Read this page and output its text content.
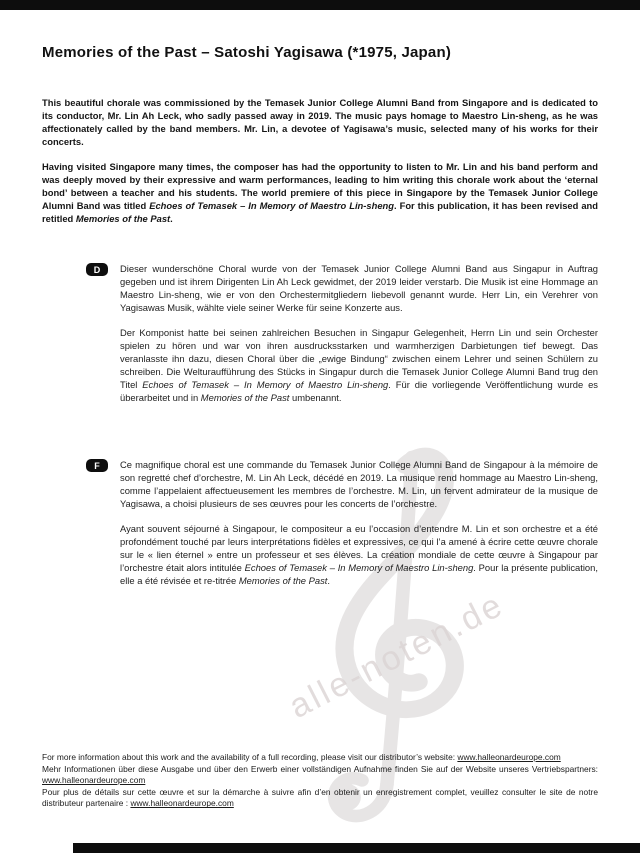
alle-noten.de
Memories of the Past – Satoshi Yagisawa (*1975, Japan)

This beautiful chorale was commissioned by the Temasek Junior College Alumni Band from Singapore and is dedicated to its conductor, Mr. Lin Ah Leck, who sadly passed away in 2019. The music pays homage to Maestro Lin-sheng, as he was affectionately called by the band members. Mr. Lin, a devotee of Yagisawa’s music, selected many of his works for their concerts.

Having visited Singapore many times, the composer has had the opportunity to listen to Mr. Lin and his band perform and was deeply moved by their expressive and warm performances, leading to him writing this chorale work about the ‘eternal bond’ between a teacher and his students. The world premiere of this piece in Singapore by the Temasek Junior College Alumni Band was titled Echoes of Temasek – In Memory of Maestro Lin-sheng. For this publication, it has been revised and retitled Memories of the Past.

D	Dieser wunderschöne Choral wurde von der Temasek Junior College Alumni Band aus Singapur in Auftrag gegeben und ist ihrem Dirigenten Lin Ah Leck gewidmet, der 2019 leider verstarb. Die Musik ist eine Hommage an Maestro Lin-sheng, wie er von den Orchestermitgliedern liebevoll genannt wurde. Herr Lin, ein Verehrer von Yagisawas Musik, wählte viele seiner Werke für seine Konzerte aus.

Der Komponist hatte bei seinen zahlreichen Besuchen in Singapur Gelegenheit, Herrn Lin und sein Orchester spielen zu hören und war von ihren ausdrucksstarken und warmherzigen Darbietungen tief bewegt. Das veranlasste ihn dazu, diesen Choral über die „ewige Bindung“ zwischen einem Lehrer und seinen Schülern zu schreiben. Die Welturaufführung des Stücks in Singapur durch die Temasek Junior College Alumni Band trug den Titel Echoes of Temasek – In Memory of Maestro Lin-sheng. Für die vorliegende Veröffentlichung wurde es überarbeitet und in Memories of the Past umbenannt.

F	Ce magnifique choral est une commande du Temasek Junior College Alumni Band de Singapour à la mémoire de son regretté chef d’orchestre, M. Lin Ah Leck, décédé en 2019. La musique rend hommage au Maestro Lin-sheng, comme l’appelaient affectueusement les membres de l’orchestre. M. Lin, un fervent admirateur de la musique de Yagisawa, a choisi plusieurs de ses œuvres pour les concerts de l’orchestre.

Ayant souvent séjourné à Singapour, le compositeur a eu l’occasion d’entendre M. Lin et son orchestre et a été profondément touché par leurs interprétations fidèles et expressives, ce qui l’a amené à écrire cette œuvre chorale sur le « lien éternel » entre un professeur et ses élèves. La création mondiale de cette œuvre à Singapour par l’orchestre était alors intitulée Echoes of Temasek – In Memory of Maestro Lin-sheng. Pour la présente publication, elle a été révisée et re-titrée Memories of the Past.

For more information about this work and the availability of a full recording, please visit our distributor’s website: www.halleonardeurope.com

Mehr Informationen über diese Ausgabe und über den Erwerb einer vollständigen Aufnahme finden Sie auf der Website unseres Vertriebspartners: www.halleonardeurope.com

Pour plus de détails sur cette œuvre et sur la démarche à suivre afin d’en obtenir un enregistrement complet, veuillez consulter le site de notre distributeur partenaire : www.halleonardeurope.com
